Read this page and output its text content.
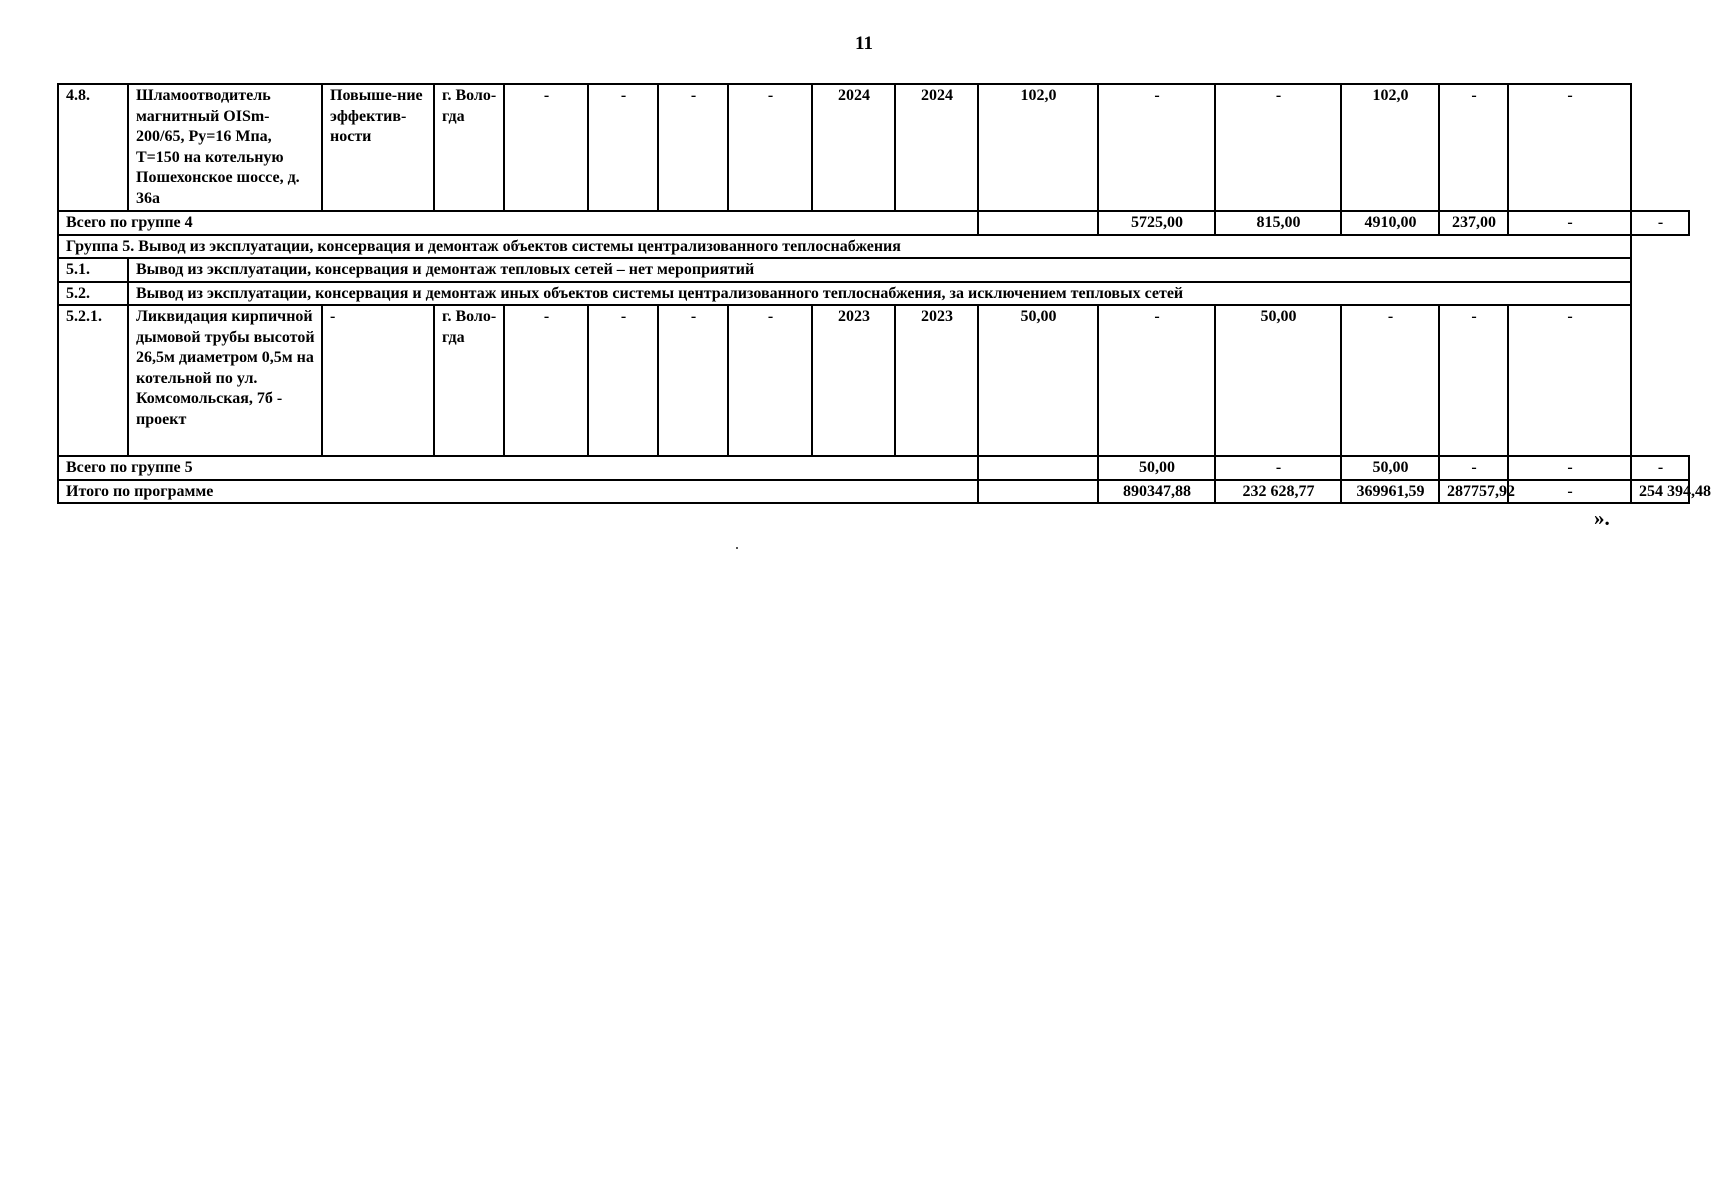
11
4.8.	Шламоотводитель магнитный OISm-200/65, Ру=16 Мпа, Т=150 на котельную Пошехонское шоссе, д. 36а	Повыше-ние эффектив-ности	г. Воло-гда	-	-	-	-	2024	2024	102,0	-	-	102,0	-	-	
Всего по группе 4											5725,00	815,00	4910,00	237,00	-	-
Группа 5. Вывод из эксплуатации, консервация и демонтаж объектов системы централизованного теплоснабжения																
5.1.	Вывод из эксплуатации, консервация и демонтаж тепловых сетей – нет мероприятий															
5.2.	Вывод из эксплуатации, консервация и демонтаж иных объектов системы централизованного теплоснабжения, за исключением тепловых сетей															
5.2.1.	Ликвидация кирпичной дымовой трубы высотой 26,5м диаметром 0,5м на котельной по ул. Комсомольская, 7б - проект	-	г. Воло-гда	-	-	-	-	2023	2023	50,00	-	50,00	-	-	-	
Всего по группе 5											50,00	-	50,00	-	-	-
Итого по программе											890347,88	232 628,77	369961,59	287757,92	-	254 394,48
».
